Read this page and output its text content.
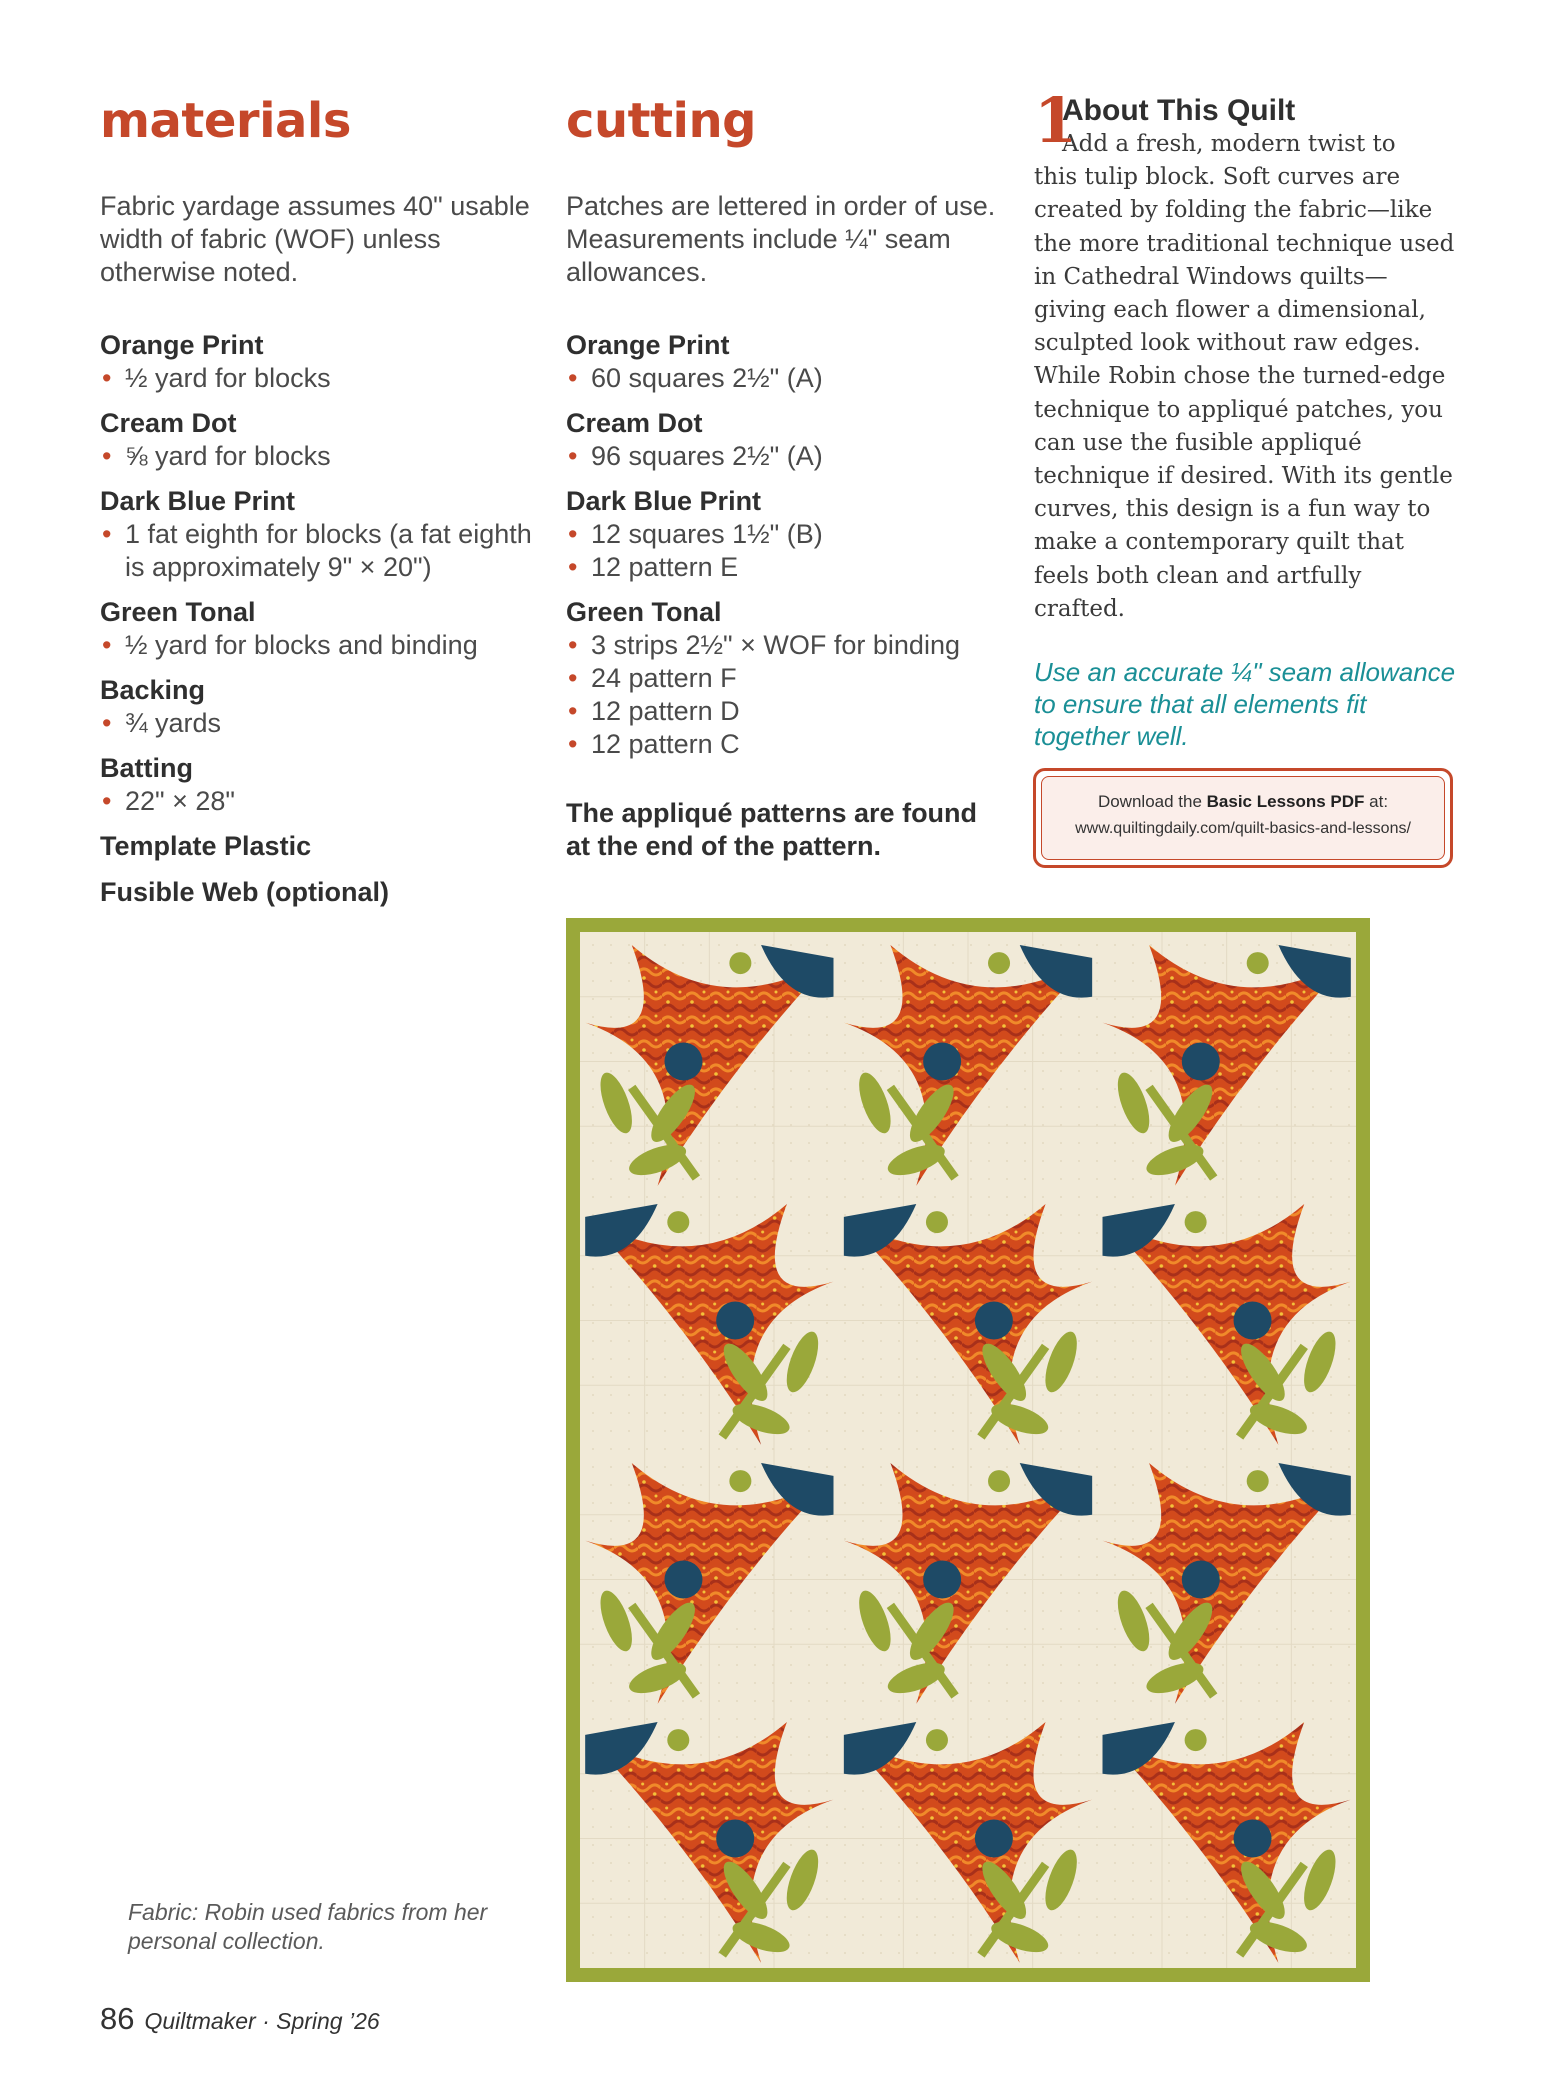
materials

Fabric yardage assumes 40" usable width of fabric (WOF) unless otherwise noted.

Orange Print
• ½ yard for blocks
Cream Dot
• ⅝ yard for blocks
Dark Blue Print
• 1 fat eighth for blocks (a fat eighth is approximately 9" × 20")
Green Tonal
• ½ yard for blocks and binding
Backing
• ¾ yards
Batting
• 22" × 28"
Template Plastic
Fusible Web (optional)
cutting

Patches are lettered in order of use. Measurements include ¼" seam allowances.

Orange Print
• 60 squares 2½" (A)
Cream Dot
• 96 squares 2½" (A)
Dark Blue Print
• 12 squares 1½" (B)
• 12 pattern E
Green Tonal
• 3 strips 2½" × WOF for binding
• 24 pattern F
• 12 pattern D
• 12 pattern C
The appliqué patterns are found at the end of the pattern.
1
About This Quilt

Add a fresh, modern twist to
this tulip block. Soft curves are created by folding the fabric—like the more traditional technique used in Cathedral Windows quilts—giving each flower a dimensional, sculpted look without raw edges. While Robin chose the turned-edge technique to appliqué patches, you can use the fusible appliqué technique if desired. With its gentle curves, this design is a fun way to make a contemporary quilt that feels both clean and artfully crafted.

Use an accurate ¼" seam allowance to ensure that all elements fit together well.

Download the Basic Lessons PDF at:
www.quiltingdaily.com/quilt-basics-and-lessons/
Fabric: Robin used fabrics from her personal collection.
86 Quiltmaker · Spring ’26
